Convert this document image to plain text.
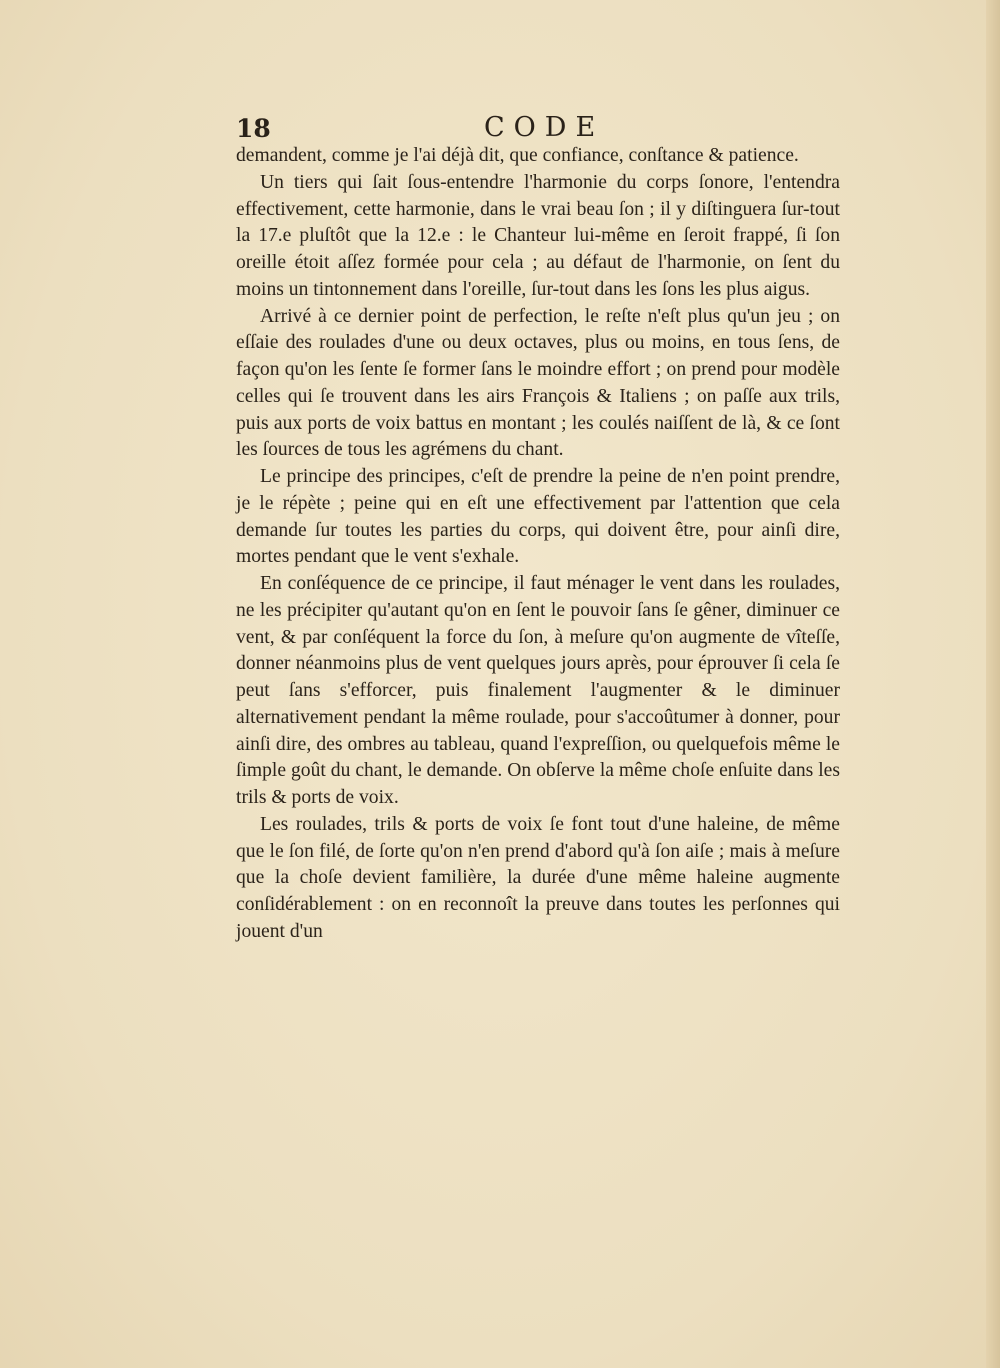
18	CODE

demandent, comme je l'ai déjà dit, que confiance, conſtance & patience.

Un tiers qui ſait ſous-entendre l'harmonie du corps ſonore, l'entendra effectivement, cette harmonie, dans le vrai beau ſon ; il y diſtinguera ſur-tout la 17.e pluſtôt que la 12.e : le Chanteur lui-même en ſeroit frappé, ſi ſon oreille étoit aſſez formée pour cela ; au défaut de l'harmonie, on ſent du moins un tintonnement dans l'oreille, ſur-tout dans les ſons les plus aigus.

Arrivé à ce dernier point de perfection, le reſte n'eſt plus qu'un jeu ; on eſſaie des roulades d'une ou deux octaves, plus ou moins, en tous ſens, de façon qu'on les ſente ſe former ſans le moindre effort ; on prend pour modèle celles qui ſe trouvent dans les airs François & Italiens ; on paſſe aux trils, puis aux ports de voix battus en montant ; les coulés naiſſent de là, & ce ſont les ſources de tous les agrémens du chant.

Le principe des principes, c'eſt de prendre la peine de n'en point prendre, je le répète ; peine qui en eſt une effectivement par l'attention que cela demande ſur toutes les parties du corps, qui doivent être, pour ainſi dire, mortes pendant que le vent s'exhale.

En conſéquence de ce principe, il faut ménager le vent dans les roulades, ne les précipiter qu'autant qu'on en ſent le pouvoir ſans ſe gêner, diminuer ce vent, & par conſéquent la force du ſon, à meſure qu'on augmente de vîteſſe, donner néanmoins plus de vent quelques jours après, pour éprouver ſi cela ſe peut ſans s'efforcer, puis finalement l'augmenter & le diminuer alternativement pendant la même roulade, pour s'accoûtumer à donner, pour ainſi dire, des ombres au tableau, quand l'expreſſion, ou quelquefois même le ſimple goût du chant, le demande. On obſerve la même choſe enſuite dans les trils & ports de voix.

Les roulades, trils & ports de voix ſe font tout d'une haleine, de même que le ſon filé, de ſorte qu'on n'en prend d'abord qu'à ſon aiſe ; mais à meſure que la choſe devient familière, la durée d'une même haleine augmente conſidérablement : on en reconnoît la preuve dans toutes les perſonnes qui jouent d'un
